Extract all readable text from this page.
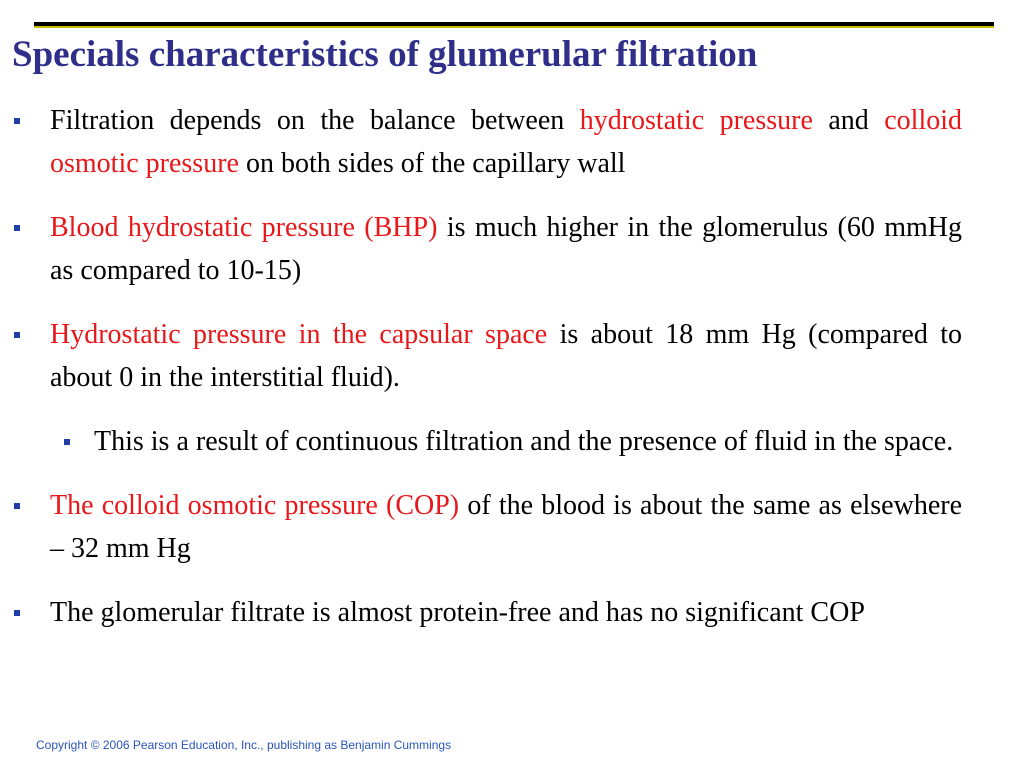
Specials characteristics of glumerular filtration
Filtration depends on the balance between hydrostatic pressure and colloid osmotic pressure on both sides of the capillary wall
Blood hydrostatic pressure (BHP) is much higher in the glomerulus (60 mmHg as compared to 10-15)
Hydrostatic pressure in the capsular space is about 18 mm Hg (compared to about 0 in the interstitial fluid).
This is a result of continuous filtration and the presence of fluid in the space.
The colloid osmotic pressure (COP) of the blood is about the same as elsewhere – 32 mm Hg
The glomerular filtrate is almost protein-free and has no significant COP
Copyright © 2006 Pearson Education, Inc., publishing as Benjamin Cummings
